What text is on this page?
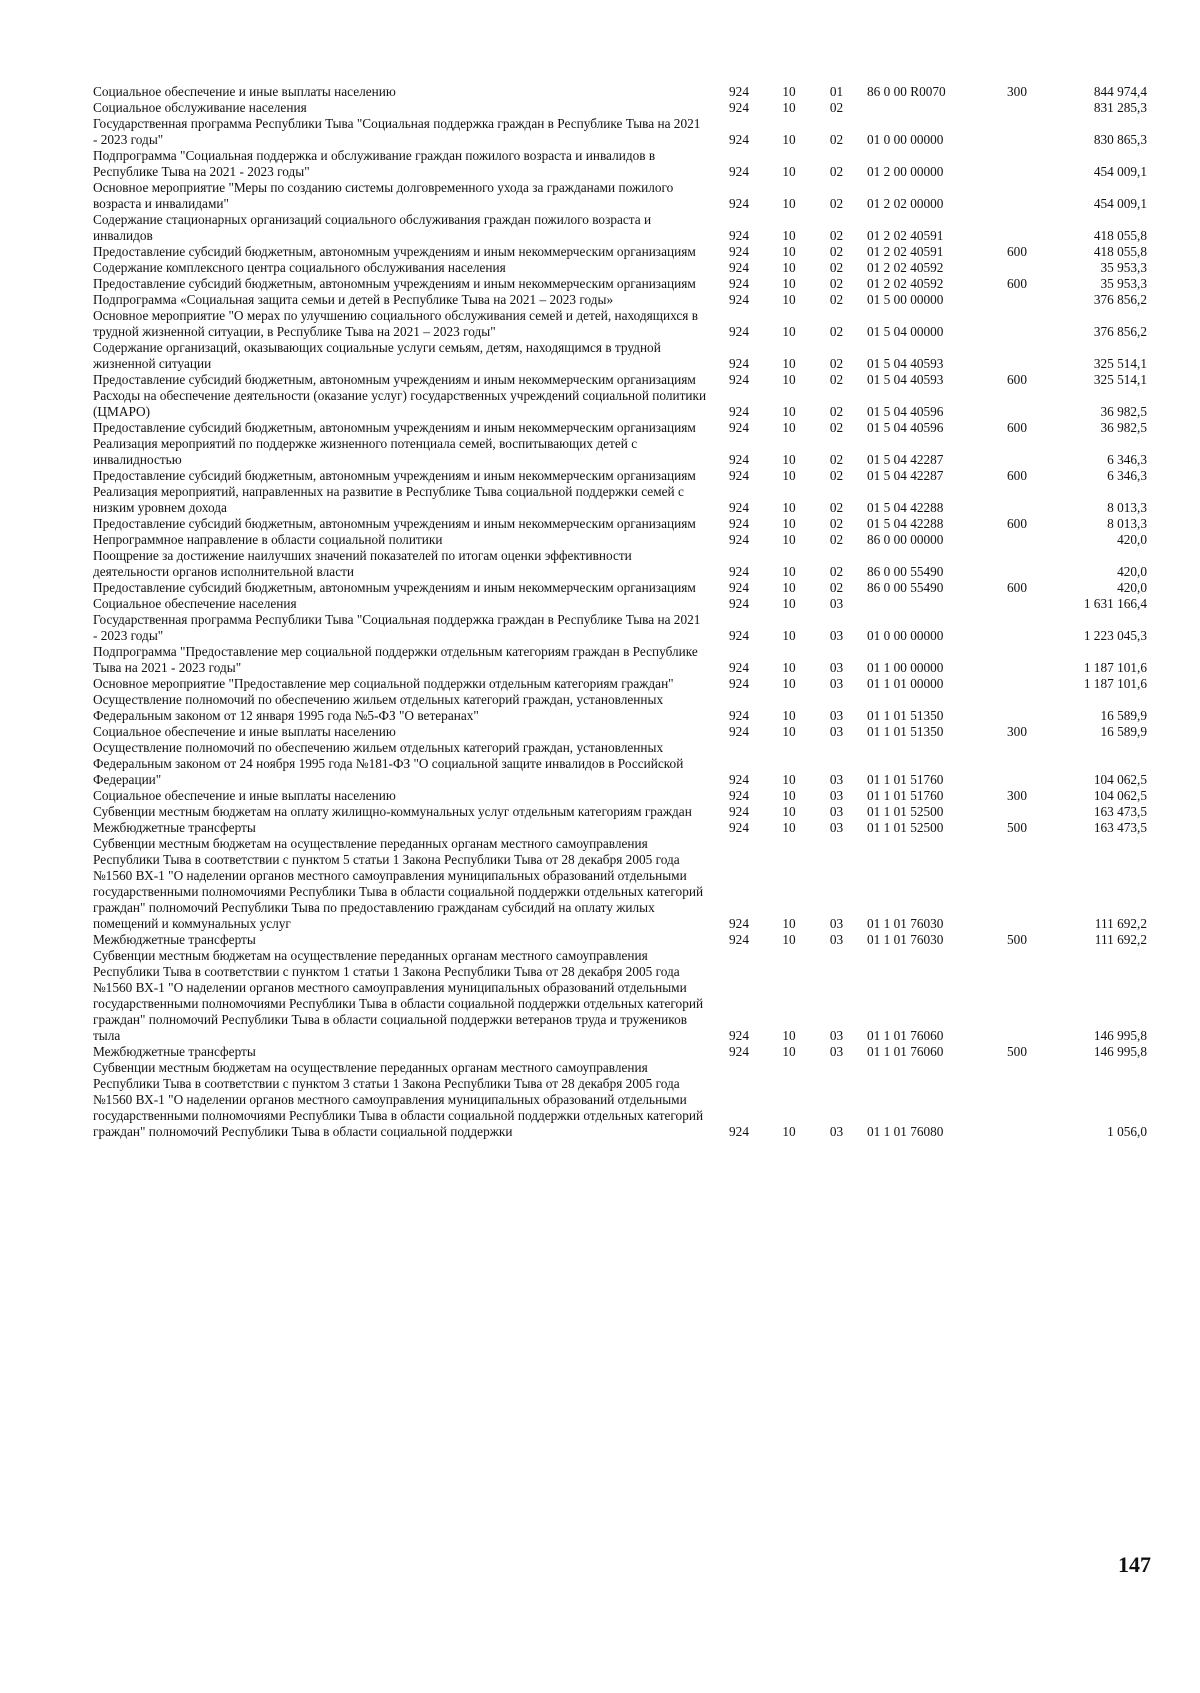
Социальное обеспечение и иные выплаты населению	924	10	01	86 0 00 R0070	300	844 974,4
Социальное обслуживание населения	924	10	02			831 285,3
Государственная программа Республики Тыва "Социальная поддержка граждан в Республике Тыва на 2021 - 2023 годы"	924	10	02	01 0 00 00000		830 865,3
Подпрограмма "Социальная поддержка и обслуживание граждан пожилого возраста и инвалидов в Республике Тыва на 2021 - 2023 годы"	924	10	02	01 2 00 00000		454 009,1
Основное мероприятие "Меры по созданию системы долговременного ухода за гражданами пожилого возраста и инвалидами"	924	10	02	01 2 02 00000		454 009,1
Содержание стационарных организаций социального обслуживания граждан пожилого возраста и инвалидов	924	10	02	01 2 02 40591		418 055,8
Предоставление субсидий бюджетным, автономным учреждениям и иным некоммерческим организациям	924	10	02	01 2 02 40591	600	418 055,8
Содержание комплексного центра социального обслуживания населения	924	10	02	01 2 02 40592		35 953,3
Предоставление субсидий бюджетным, автономным учреждениям и иным некоммерческим организациям	924	10	02	01 2 02 40592	600	35 953,3
Подпрограмма «Социальная защита семьи и детей в Республике Тыва на 2021 – 2023 годы»	924	10	02	01 5 00 00000		376 856,2
Основное мероприятие "О мерах по улучшению социального обслуживания семей и детей, находящихся в трудной жизненной ситуации, в Республике Тыва на 2021 – 2023 годы"	924	10	02	01 5 04 00000		376 856,2
Содержание организаций, оказывающих социальные услуги семьям, детям, находящимся в трудной жизненной ситуации	924	10	02	01 5 04 40593		325 514,1
Предоставление субсидий бюджетным, автономным учреждениям и иным некоммерческим организациям	924	10	02	01 5 04 40593	600	325 514,1
Расходы на обеспечение деятельности (оказание услуг) государственных учреждений социальной политики (ЦМАРО)	924	10	02	01 5 04 40596		36 982,5
Предоставление субсидий бюджетным, автономным учреждениям и иным некоммерческим организациям	924	10	02	01 5 04 40596	600	36 982,5
Реализация мероприятий по поддержке жизненного потенциала семей, воспитывающих детей с инвалидностью	924	10	02	01 5 04 42287		6 346,3
Предоставление субсидий бюджетным, автономным учреждениям и иным некоммерческим организациям	924	10	02	01 5 04 42287	600	6 346,3
Реализация мероприятий, направленных на развитие в Республике Тыва социальной поддержки семей с низким уровнем дохода	924	10	02	01 5 04 42288		8 013,3
Предоставление субсидий бюджетным, автономным учреждениям и иным некоммерческим организациям	924	10	02	01 5 04 42288	600	8 013,3
Непрограммное направление в области социальной политики	924	10	02	86 0 00 00000		420,0
Поощрение за достижение наилучших значений показателей по итогам оценки эффективности деятельности органов исполнительной власти	924	10	02	86 0 00 55490		420,0
Предоставление субсидий бюджетным, автономным учреждениям и иным некоммерческим организациям	924	10	02	86 0 00 55490	600	420,0
Социальное обеспечение населения	924	10	03			1 631 166,4
Государственная программа Республики Тыва "Социальная поддержка граждан в Республике Тыва на 2021 - 2023 годы"	924	10	03	01 0 00 00000		1 223 045,3
Подпрограмма "Предоставление мер социальной поддержки отдельным категориям граждан в Республике Тыва на 2021 - 2023 годы"	924	10	03	01 1 00 00000		1 187 101,6
Основное мероприятие "Предоставление мер социальной поддержки отдельным категориям граждан"	924	10	03	01 1 01 00000		1 187 101,6
Осуществление полномочий по обеспечению жильем отдельных категорий граждан, установленных Федеральным законом от 12 января 1995 года №5-ФЗ "О ветеранах"	924	10	03	01 1 01 51350		16 589,9
Социальное обеспечение и иные выплаты населению	924	10	03	01 1 01 51350	300	16 589,9
Осуществление полномочий по обеспечению жильем отдельных категорий граждан, установленных Федеральным законом от 24 ноября 1995 года №181-ФЗ "О социальной защите инвалидов в Российской Федерации"	924	10	03	01 1 01 51760		104 062,5
Социальное обеспечение и иные выплаты населению	924	10	03	01 1 01 51760	300	104 062,5
Субвенции местным бюджетам на оплату жилищно-коммунальных услуг отдельным категориям граждан	924	10	03	01 1 01 52500		163 473,5
Межбюджетные трансферты	924	10	03	01 1 01 52500	500	163 473,5
Субвенции местным бюджетам на осуществление переданных органам местного самоуправления Республики Тыва в соответствии с пунктом 5 статьи 1 Закона Республики Тыва от 28 декабря 2005 года №1560 ВХ-1 "О наделении органов местного самоуправления муниципальных образований отдельными государственными полномочиями Республики Тыва в области социальной поддержки отдельных категорий граждан" полномочий Республики Тыва по предоставлению гражданам субсидий на оплату жилых помещений и коммунальных услуг	924	10	03	01 1 01 76030		111 692,2
Межбюджетные трансферты	924	10	03	01 1 01 76030	500	111 692,2
Субвенции местным бюджетам на осуществление переданных органам местного самоуправления Республики Тыва в соответствии с пунктом 1 статьи 1 Закона Республики Тыва от 28 декабря 2005 года №1560 ВХ-1 "О наделении органов местного самоуправления муниципальных образований отдельными государственными полномочиями Республики Тыва в области социальной поддержки отдельных категорий граждан" полномочий Республики Тыва в области социальной поддержки ветеранов труда и тружеников тыла	924	10	03	01 1 01 76060		146 995,8
Межбюджетные трансферты	924	10	03	01 1 01 76060	500	146 995,8
Субвенции местным бюджетам на осуществление переданных органам местного самоуправления Республики Тыва в соответствии с пунктом 3 статьи 1 Закона Республики Тыва от 28 декабря 2005 года №1560 ВХ-1 "О наделении органов местного самоуправления муниципальных образований отдельными государственными полномочиями Республики Тыва в области социальной поддержки отдельных категорий граждан" полномочий Республики Тыва в области социальной поддержки	924	10	03	01 1 01 76080		1 056,0
147
